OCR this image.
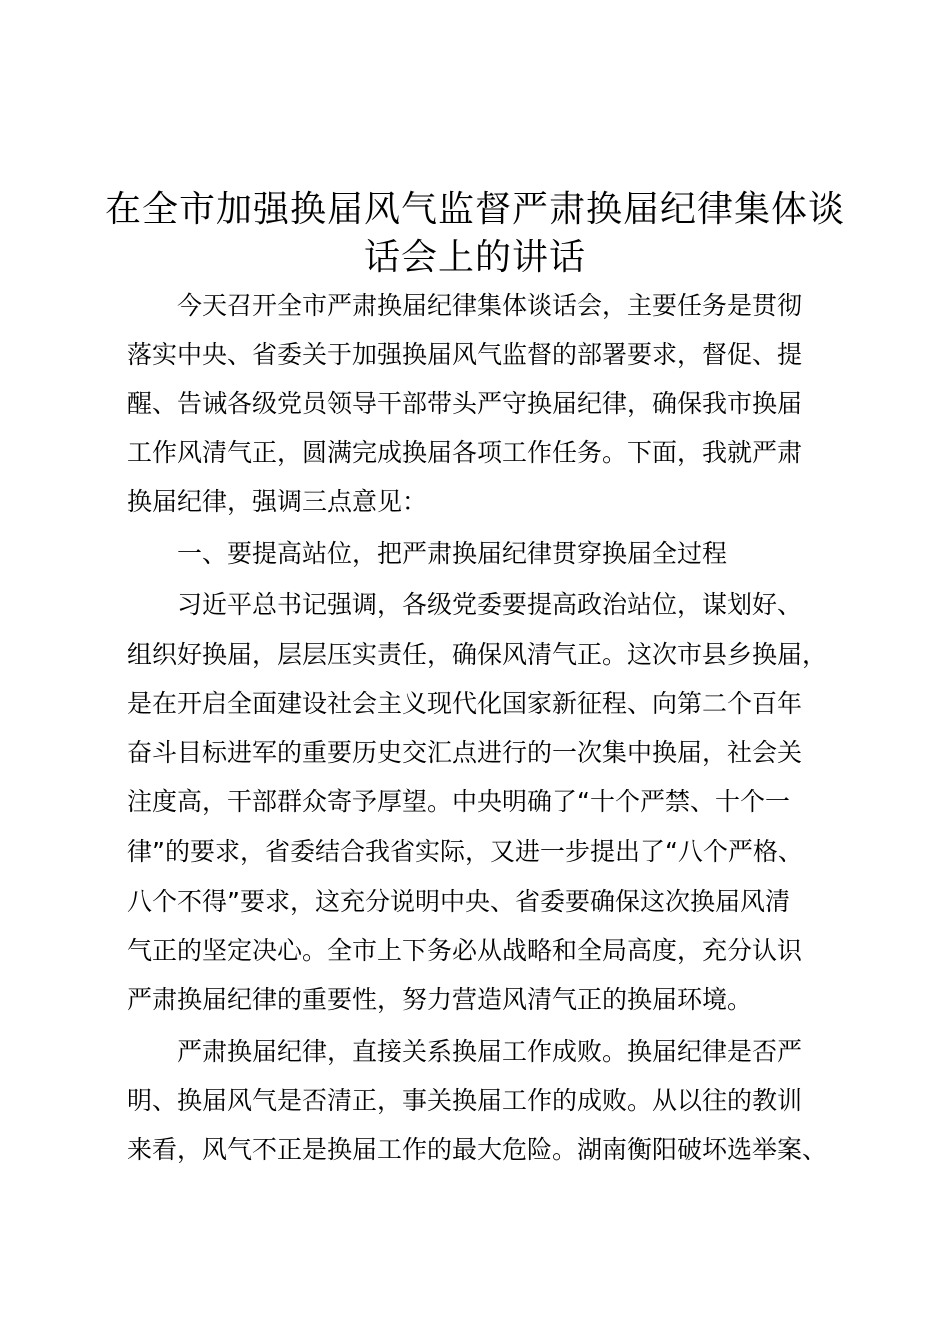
在全市加强换届风气监督严肃换届纪律集体谈
话会上的讲话
　　今天召开全市严肃换届纪律集体谈话会，主要任务是贯彻
落实中央、省委关于加强换届风气监督的部署要求，督促、提
醒、告诫各级党员领导干部带头严守换届纪律，确保我市换届
工作风清气正，圆满完成换届各项工作任务。下面，我就严肃
换届纪律，强调三点意见：
　　一、要提高站位，把严肃换届纪律贯穿换届全过程
　　习近平总书记强调，各级党委要提高政治站位，谋划好、
组织好换届，层层压实责任，确保风清气正。这次市县乡换届，
是在开启全面建设社会主义现代化国家新征程、向第二个百年
奋斗目标进军的重要历史交汇点进行的一次集中换届，社会关
注度高，干部群众寄予厚望。中央明确了“十个严禁、十个一
律”的要求，省委结合我省实际，又进一步提出了“八个严格、
八个不得”要求，这充分说明中央、省委要确保这次换届风清
气正的坚定决心。全市上下务必从战略和全局高度，充分认识
严肃换届纪律的重要性，努力营造风清气正的换届环境。
　　严肃换届纪律，直接关系换届工作成败。换届纪律是否严
明、换届风气是否清正，事关换届工作的成败。从以往的教训
来看，风气不正是换届工作的最大危险。湖南衡阳破坏选举案、
